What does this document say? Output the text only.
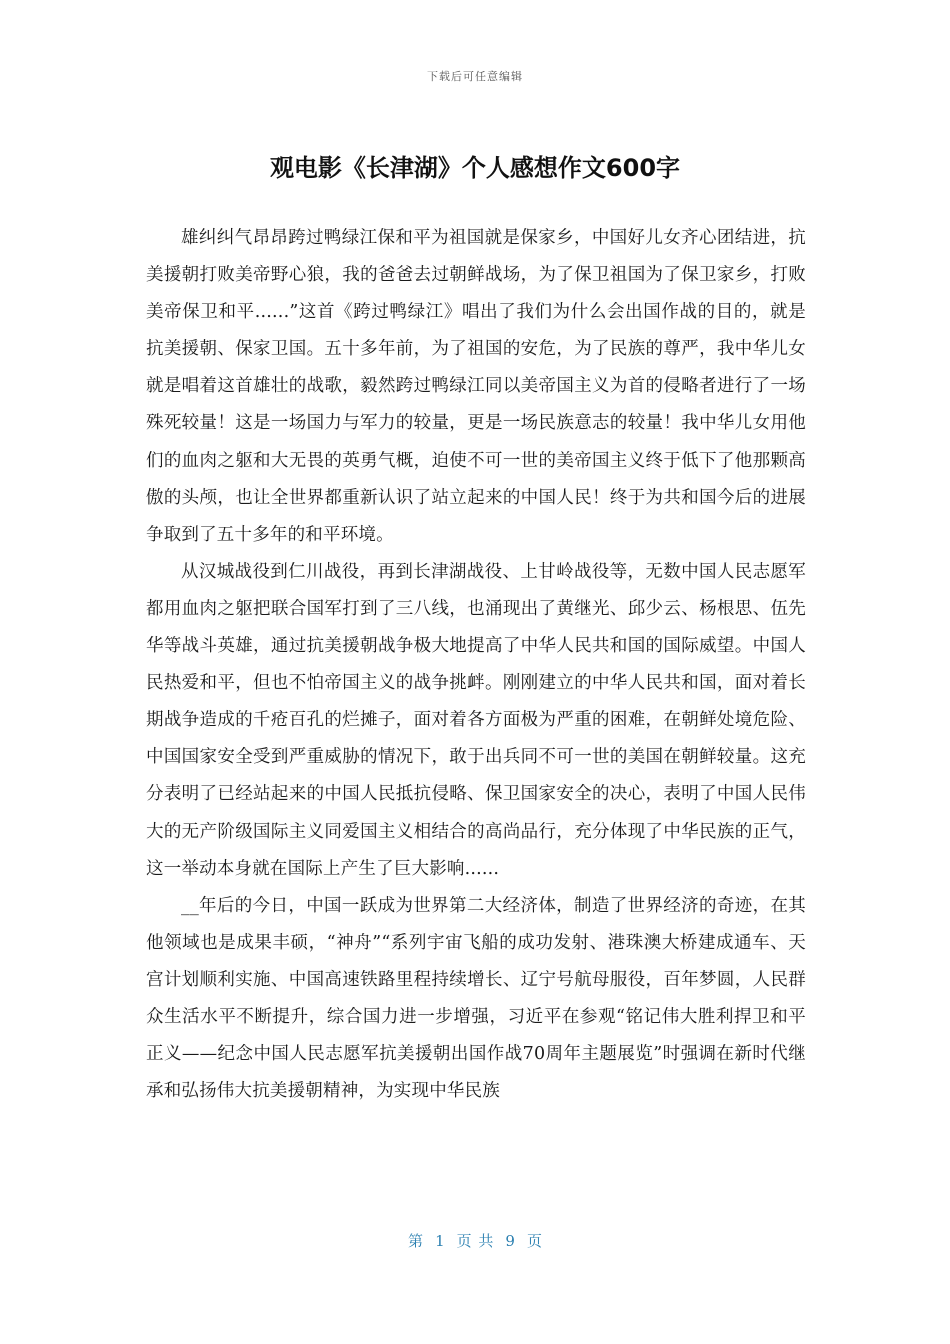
下载后可任意编辑
观电影《长津湖》个人感想作文600字

雄纠纠气昂昂跨过鸭绿江保和平为祖国就是保家乡，中国好儿女齐心团结进，抗美援朝打败美帝野心狼，我的爸爸去过朝鲜战场，为了保卫祖国为了保卫家乡，打败美帝保卫和平......”这首《跨过鸭绿江》唱出了我们为什么会出国作战的目的，就是抗美援朝、保家卫国。五十多年前，为了祖国的安危，为了民族的尊严，我中华儿女就是唱着这首雄壮的战歌，毅然跨过鸭绿江同以美帝国主义为首的侵略者进行了一场殊死较量！这是一场国力与军力的较量，更是一场民族意志的较量！我中华儿女用他们的血肉之躯和大无畏的英勇气概，迫使不可一世的美帝国主义终于低下了他那颗高傲的头颅，也让全世界都重新认识了站立起来的中国人民！终于为共和国今后的进展争取到了五十多年的和平环境。

从汉城战役到仁川战役，再到长津湖战役、上甘岭战役等，无数中国人民志愿军都用血肉之躯把联合国军打到了三八线，也涌现出了黄继光、邱少云、杨根思、伍先华等战斗英雄，通过抗美援朝战争极大地提高了中华人民共和国的国际威望。中国人民热爱和平，但也不怕帝国主义的战争挑衅。刚刚建立的中华人民共和国，面对着长期战争造成的千疮百孔的烂摊子，面对着各方面极为严重的困难，在朝鲜处境危险、中国国家安全受到严重威胁的情况下，敢于出兵同不可一世的美国在朝鲜较量。这充分表明了已经站起来的中国人民抵抗侵略、保卫国家安全的决心，表明了中国人民伟大的无产阶级国际主义同爱国主义相结合的高尚品行，充分体现了中华民族的正气，这一举动本身就在国际上产生了巨大影响......

__年后的今日，中国一跃成为世界第二大经济体，制造了世界经济的奇迹，在其他领域也是成果丰硕，“神舟”“系列宇宙飞船的成功发射、港珠澳大桥建成通车、天宫计划顺利实施、中国高速铁路里程持续增长、辽宁号航母服役，百年梦圆，人民群众生活水平不断提升，综合国力进一步增强，习近平在参观“铭记伟大胜利捍卫和平正义——纪念中国人民志愿军抗美援朝出国作战70周年主题展览”时强调在新时代继承和弘扬伟大抗美援朝精神，为实现中华民族

第 1 页 共 9 页
